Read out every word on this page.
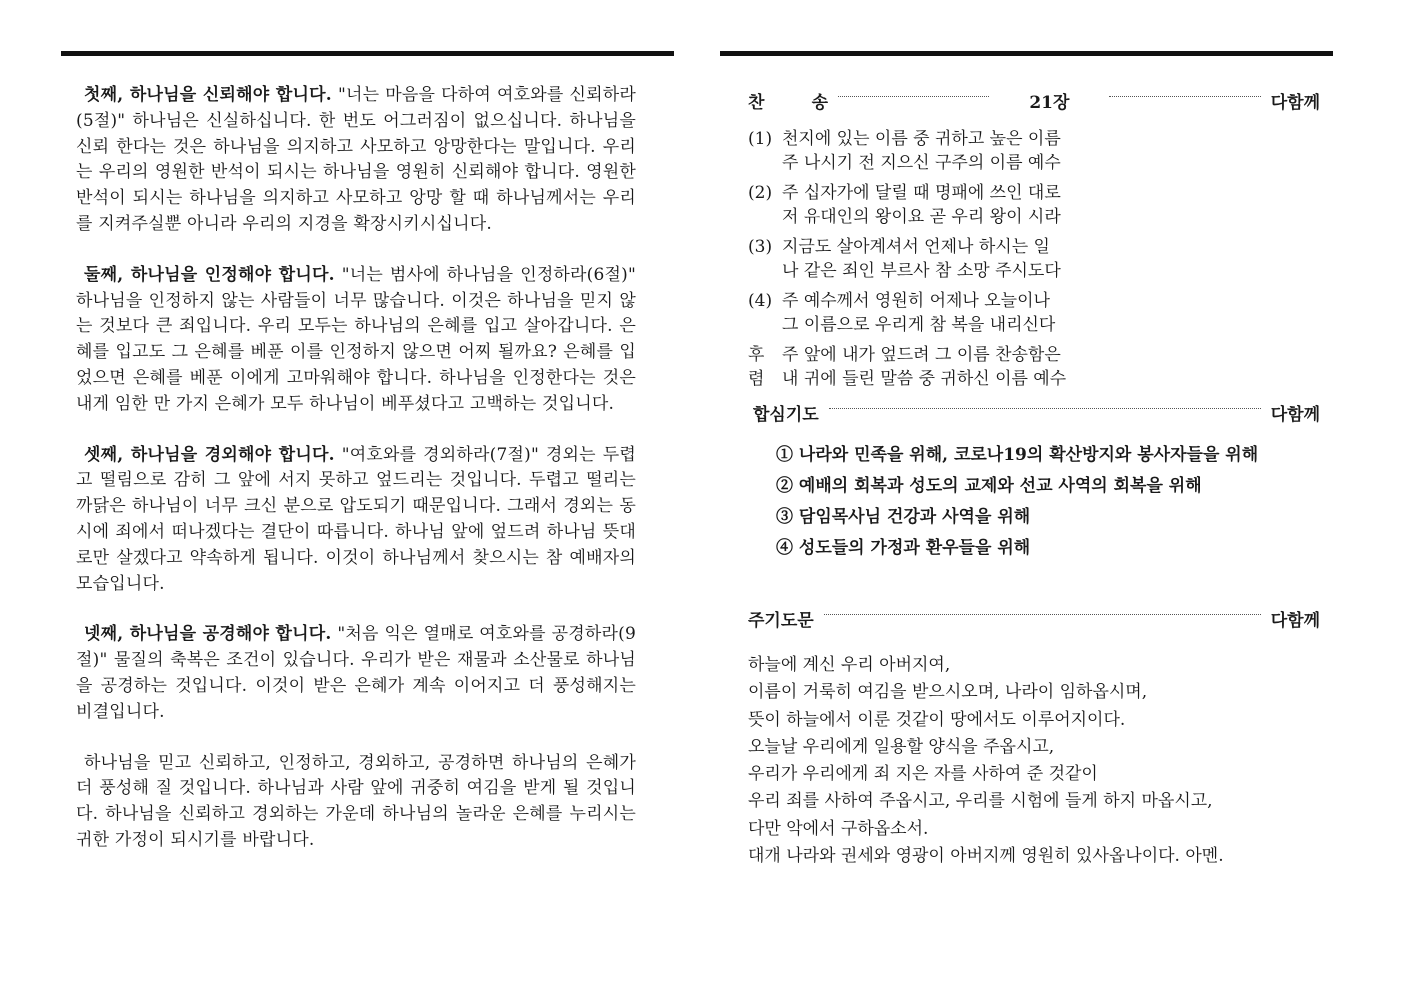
첫째, 하나님을 신뢰해야 합니다. "너는 마음을 다하여 여호와를 신뢰하라(5절)" 하나님은 신실하십니다. 한 번도 어그러짐이 없으십니다. 하나님을 신뢰 한다는 것은 하나님을 의지하고 사모하고 앙망한다는 말입니다. 우리는 우리의 영원한 반석이 되시는 하나님을 영원히 신뢰해야 합니다. 영원한 반석이 되시는 하나님을 의지하고 사모하고 앙망 할 때 하나님께서는 우리를 지켜주실뿐 아니라 우리의 지경을 확장시키시십니다.

둘째, 하나님을 인정해야 합니다. "너는 범사에 하나님을 인정하라(6절)" 하나님을 인정하지 않는 사람들이 너무 많습니다. 이것은 하나님을 믿지 않는 것보다 큰 죄입니다. 우리 모두는 하나님의 은혜를 입고 살아갑니다. 은혜를 입고도 그 은혜를 베푼 이를 인정하지 않으면 어찌 될까요? 은혜를 입었으면 은혜를 베푼 이에게 고마워해야 합니다. 하나님을 인정한다는 것은 내게 임한 만 가지 은혜가 모두 하나님이 베푸셨다고 고백하는 것입니다.

셋째, 하나님을 경외해야 합니다. "여호와를 경외하라(7절)" 경외는 두렵고 떨림으로 감히 그 앞에 서지 못하고 엎드리는 것입니다. 두렵고 떨리는 까닭은 하나님이 너무 크신 분으로 압도되기 때문입니다. 그래서 경외는 동시에 죄에서 떠나겠다는 결단이 따릅니다. 하나님 앞에 엎드려 하나님 뜻대로만 살겠다고 약속하게 됩니다. 이것이 하나님께서 찾으시는 참 예배자의 모습입니다.

넷째, 하나님을 공경해야 합니다. "처음 익은 열매로 여호와를 공경하라(9절)" 물질의 축복은 조건이 있습니다. 우리가 받은 재물과 소산물로 하나님을 공경하는 것입니다. 이것이 받은 은혜가 계속 이어지고 더 풍성해지는 비결입니다.

하나님을 믿고 신뢰하고, 인정하고, 경외하고, 공경하면 하나님의 은혜가 더 풍성해 질 것입니다. 하나님과 사람 앞에 귀중히 여김을 받게 될 것입니다. 하나님을 신뢰하고 경외하는 가운데 하나님의 놀라운 은혜를 누리시는 귀한 가정이 되시기를 바랍니다.

찬	송	21장	다함께
(1) 천지에 있는 이름 중 귀하고 높은 이름
주 나시기 전 지으신 구주의 이름 예수
(2) 주 십자가에 달릴 때 명패에 쓰인 대로
저 유대인의 왕이요 곧 우리 왕이 시라
(3) 지금도 살아계셔서 언제나 하시는 일
나 같은 죄인 부르사 참 소망 주시도다
(4) 주 예수께서 영원히 어제나 오늘이나
그 이름으로 우리게 참 복을 내리신다
후
렴
주 앞에 내가 엎드려 그 이름 찬송함은
내 귀에 들린 말씀 중 귀하신 이름 예수
합심기도	다함께
① 나라와 민족을 위해, 코로나19의 확산방지와 봉사자들을 위해
② 예배의 회복과 성도의 교제와 선교 사역의 회복을 위해
③ 담임목사님 건강과 사역을 위해
④ 성도들의 가정과 환우들을 위해
주기도문	다함께
하늘에 계신 우리 아버지여,
이름이 거룩히 여김을 받으시오며, 나라이 임하옵시며,
뜻이 하늘에서 이룬 것같이 땅에서도 이루어지이다.
오늘날 우리에게 일용할 양식을 주옵시고,
우리가 우리에게 죄 지은 자를 사하여 준 것같이
우리 죄를 사하여 주옵시고, 우리를 시험에 들게 하지 마옵시고,
다만 악에서 구하옵소서.
대개 나라와 권세와 영광이 아버지께 영원히 있사옵나이다. 아멘.
